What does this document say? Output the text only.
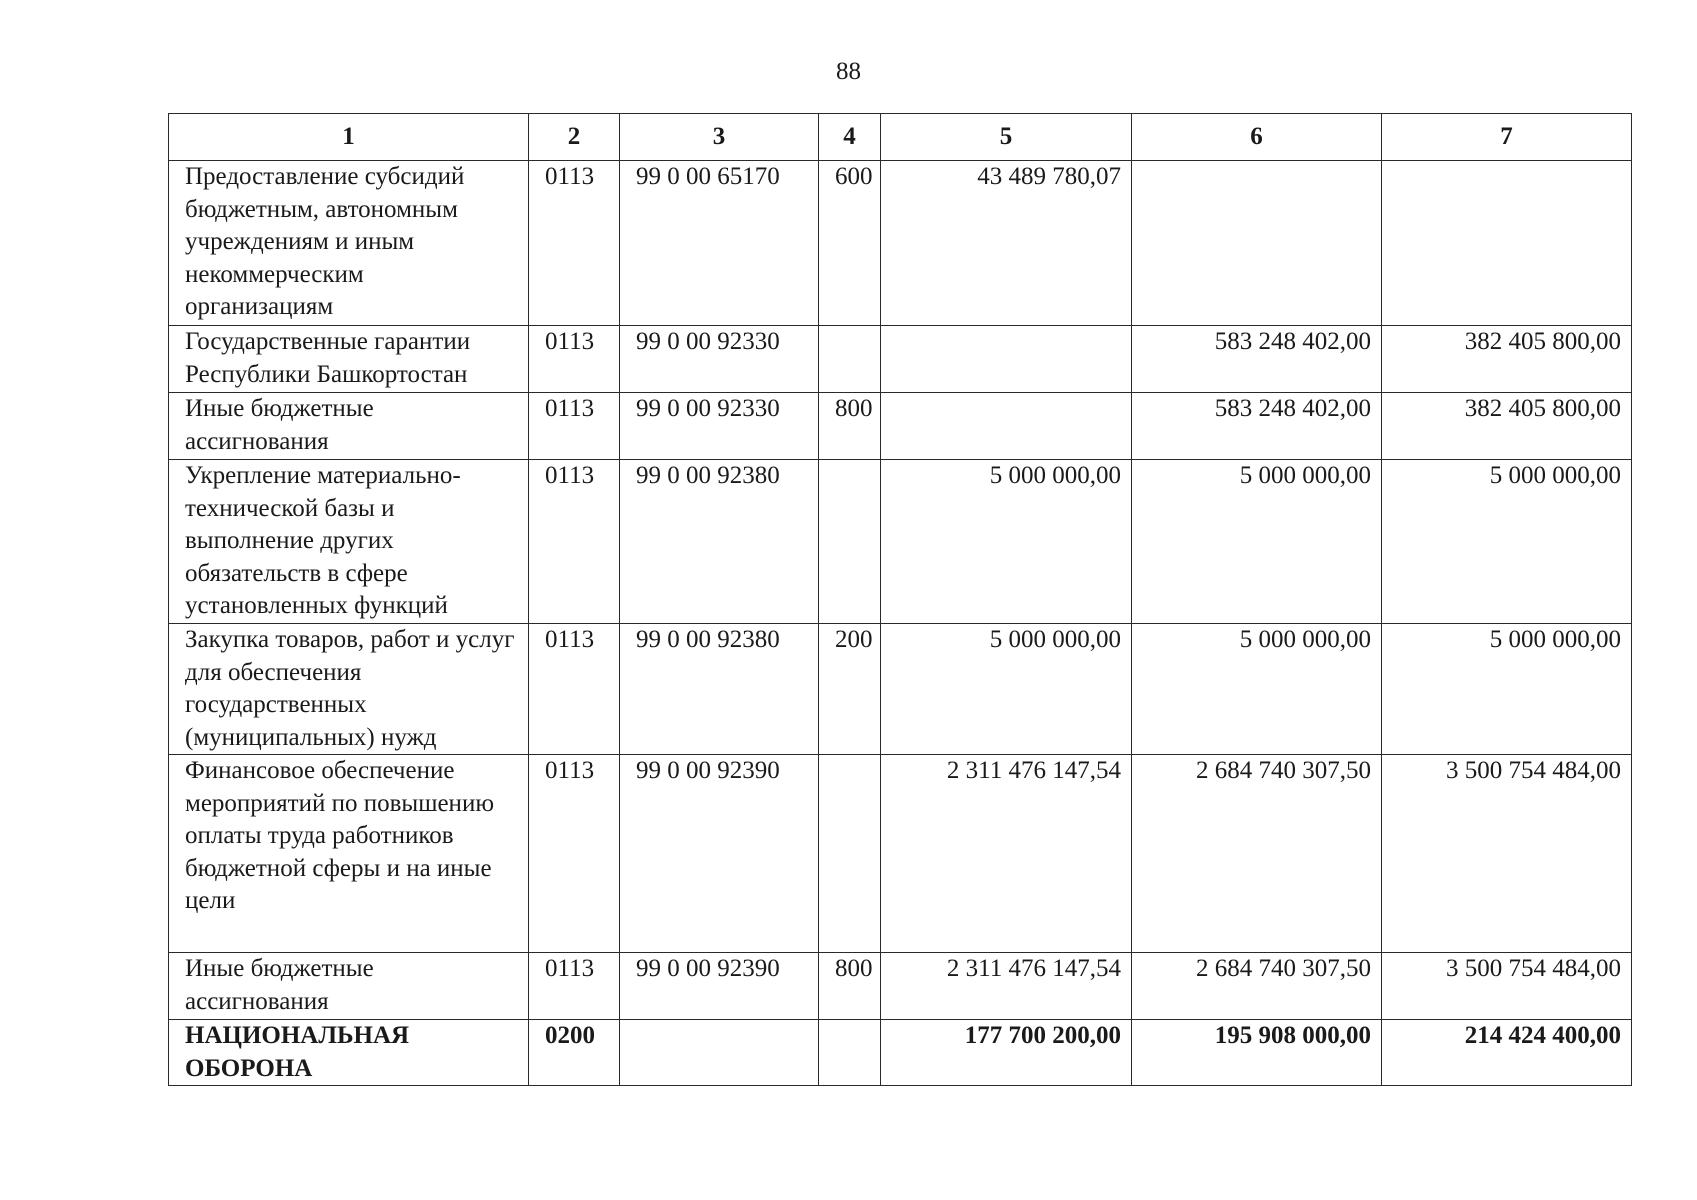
88
1	2	3	4	5	6	7
Предоставление субсидий бюджетным, автономным учреждениям и иным некоммерческим организациям	0113	99 0 00 65170	600	43 489 780,07		
Государственные гарантии Республики Башкортостан	0113	99 0 00 92330			583 248 402,00	382 405 800,00
Иные бюджетные ассигнования	0113	99 0 00 92330	800		583 248 402,00	382 405 800,00
Укрепление материально-технической базы и выполнение других обязательств в сфере установленных функций	0113	99 0 00 92380		5 000 000,00	5 000 000,00	5 000 000,00
Закупка товаров, работ и услуг для обеспечения государственных (муниципальных) нужд	0113	99 0 00 92380	200	5 000 000,00	5 000 000,00	5 000 000,00
Финансовое обеспечение мероприятий по повышению оплаты труда работников бюджетной сферы и на иные цели	0113	99 0 00 92390		2 311 476 147,54	2 684 740 307,50	3 500 754 484,00
Иные бюджетные ассигнования	0113	99 0 00 92390	800	2 311 476 147,54	2 684 740 307,50	3 500 754 484,00
НАЦИОНАЛЬНАЯ ОБОРОНА	0200			177 700 200,00	195 908 000,00	214 424 400,00
